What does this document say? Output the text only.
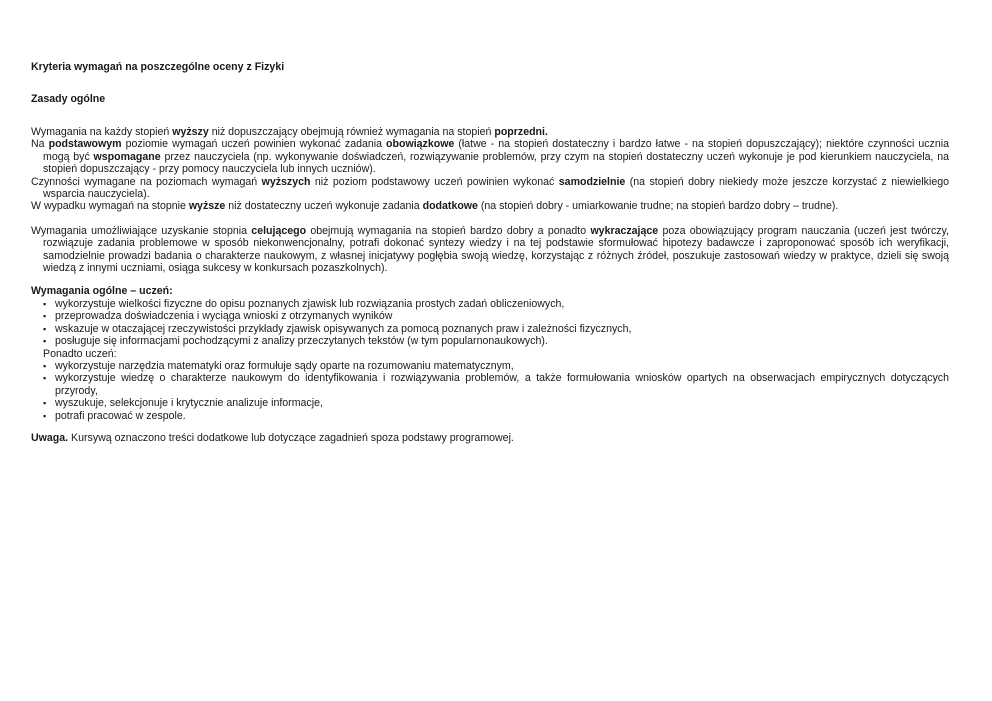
Kryteria wymagań na poszczególne oceny z Fizyki
Zasady ogólne

Wymagania na każdy stopień wyższy niż dopuszczający obejmują również wymagania na stopień poprzedni.

Na podstawowym poziomie wymagań uczeń powinien wykonać zadania obowiązkowe (łatwe - na stopień dostateczny i bardzo łatwe - na stopień dopuszczający); niektóre czynności ucznia mogą być wspomagane przez nauczyciela (np. wykonywanie doświadczeń, rozwiązywanie problemów, przy czym na stopień dostateczny uczeń wykonuje je pod kierunkiem nauczyciela, na stopień dopuszczający - przy pomocy nauczyciela lub innych uczniów).

Czynności wymagane na poziomach wymagań wyższych niż poziom podstawowy uczeń powinien wykonać samodzielnie (na stopień dobry niekiedy może jeszcze korzystać z niewielkiego wsparcia nauczyciela).

W wypadku wymagań na stopnie wyższe niż dostateczny uczeń wykonuje zadania dodatkowe (na stopień dobry - umiarkowanie trudne; na stopień bardzo dobry – trudne).

Wymagania umożliwiające uzyskanie stopnia celującego obejmują wymagania na stopień bardzo dobry a ponadto wykraczające poza obowiązujący program nauczania (uczeń jest twórczy, rozwiązuje zadania problemowe w sposób niekonwencjonalny, potrafi dokonać syntezy wiedzy i na tej podstawie sformułować hipotezy badawcze i zaproponować sposób ich weryfikacji, samodzielnie prowadzi badania o charakterze naukowym, z własnej inicjatywy pogłębia swoją wiedzę, korzystając z różnych źródeł, poszukuje zastosowań wiedzy w praktyce, dzieli się swoją wiedzą z innymi uczniami, osiąga sukcesy w konkursach pozaszkolnych).

Wymagania ogólne – uczeń:
▪ wykorzystuje wielkości fizyczne do opisu poznanych zjawisk lub rozwiązania prostych zadań obliczeniowych,
▪ przeprowadza doświadczenia i wyciąga wnioski z otrzymanych wyników
▪ wskazuje w otaczającej rzeczywistości przykłady zjawisk opisywanych za pomocą poznanych praw i zależności fizycznych,
▪ posługuje się informacjami pochodzącymi z analizy przeczytanych tekstów (w tym popularnonaukowych).
Ponadto uczeń:
▪ wykorzystuje narzędzia matematyki oraz formułuje sądy oparte na rozumowaniu matematycznym,
▪ wykorzystuje wiedzę o charakterze naukowym do identyfikowania i rozwiązywania problemów, a także formułowania wniosków opartych na obserwacjach empirycznych dotyczących przyrody,
▪ wyszukuje, selekcjonuje i krytycznie analizuje informacje,
▪ potrafi pracować w zespole.
Uwaga. Kursywą oznaczono treści dodatkowe lub dotyczące zagadnień spoza podstawy programowej.
